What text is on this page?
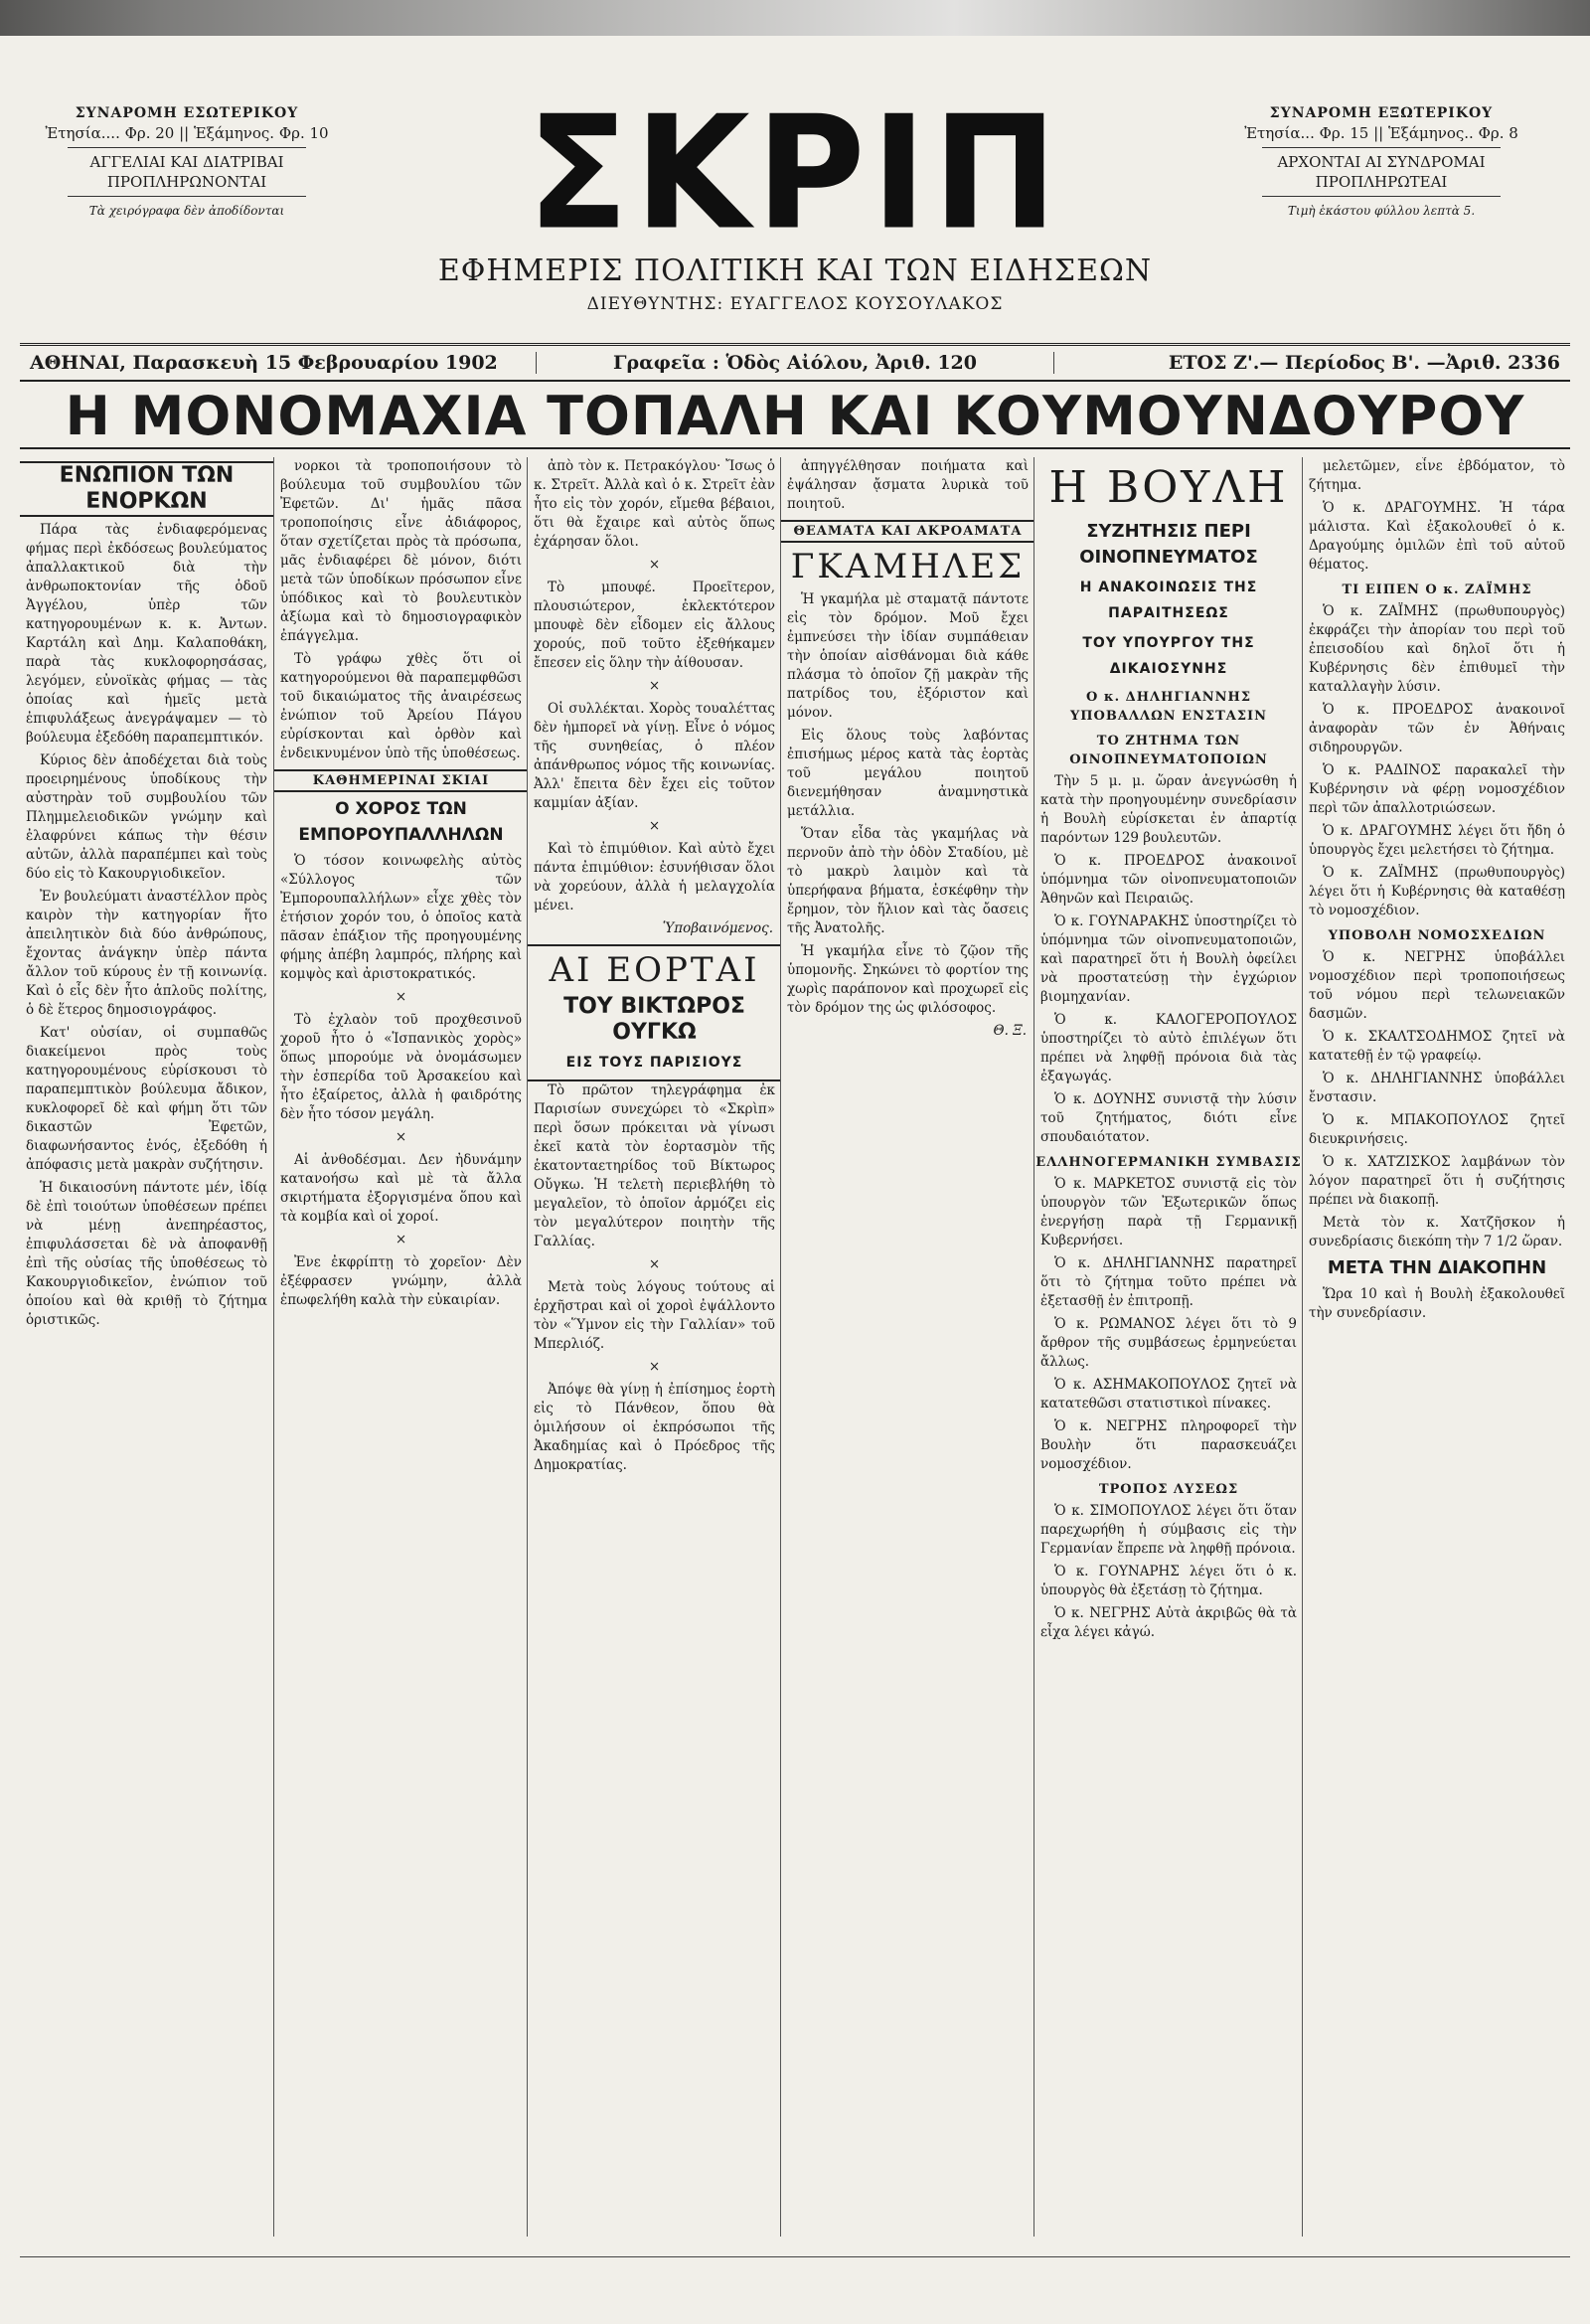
ΣΥΝΑΡΟΜΗ ΕΣΩΤΕΡΙΚΟΥ
Ἐτησία.... Φρ. 20 || Ἑξάμηνος. Φρ. 10
ΑΓΓΕΛΙΑΙ ΚΑΙ ΔΙΑΤΡΙΒΑΙ
ΠΡΟΠΛΗΡΩΝΟΝΤΑΙ
Τὰ χειρόγραφα δὲν ἀποδίδονται	ΣΚΡΙΠ
ΕΦΗΜΕΡΙΣ ΠΟΛΙΤΙΚΗ ΚΑΙ ΤΩΝ ΕΙΔΗΣΕΩΝ
ΔΙΕΥΘΥΝΤΗΣ: ΕΥΑΓΓΕΛΟΣ ΚΟΥΣΟΥΛΑΚΟΣ
ΣΥΝΑΡΟΜΗ ΕΞΩΤΕΡΙΚΟΥ
Ἐτησία... Φρ. 15 || Ἑξάμηνος.. Φρ. 8
ΑΡΧΟΝΤΑΙ ΑΙ ΣΥΝΔΡΟΜΑΙ
ΠΡΟΠΛΗΡΩΤΕΑΙ
Τιμὴ ἑκάστου φύλλου λεπτὰ 5.
ΑΘΗΝΑΙ, Παρασκευὴ 15 Φεβρουαρίου 1902	Γραφεῖα : Ὁδὸς Αἰόλου, Ἀριθ. 120	ΕΤΟΣ Ζ'.— Περίοδος Β'. —Ἀριθ. 2336
Η ΜΟΝΟΜΑΧΙΑ ΤΟΠΑΛΗ ΚΑΙ ΚΟΥΜΟΥΝΔΟΥΡΟΥ
ΕΝΩΠΙΟΝ ΤΩΝ ΕΝΟΡΚΩΝ

Πάρα τὰς ἐνδιαφερόμενας φήμας περὶ ἐκδόσεως βουλεύματος ἀπαλλακτικοῦ διὰ τὴν ἀνθρωποκτονίαν τῆς ὁδοῦ Ἀγγέλου, ὑπὲρ τῶν κατηγορουμένων κ. κ. Ἀντων. Καρτάλη καὶ Δημ. Καλαποθάκη, παρὰ τὰς κυκλοφορησάσας, λεγόμεν, εὐνοϊκὰς φήμας — τὰς ὁποίας καὶ ἡμεῖς μετὰ ἐπιφυλάξεως ἀνεγράψαμεν — τὸ βούλευμα ἐξεδόθη παραπεμπτικόν.

Κύριος δὲν ἀποδέχεται διὰ τοὺς προειρημένους ὑποδίκους τὴν αὐστηρὰν τοῦ συμβουλίου τῶν Πλημμελειοδικῶν γνώμην καὶ ἐλαφρύνει κάπως τὴν θέσιν αὐτῶν, ἀλλὰ παραπέμπει καὶ τοὺς δύο εἰς τὸ Κακουργιοδικεῖον.

Ἐν βουλεύματι ἀναστέλλον πρὸς καιρὸν τὴν κατηγορίαν ἥτο ἀπειλητικὸν διὰ δύο ἀνθρώπους, ἔχοντας ἀνάγκην ὑπὲρ πάντα ἄλλον τοῦ κύρους ἐν τῇ κοινωνίᾳ. Καὶ ὁ εἷς δὲν ἦτο ἁπλοῦς πολίτης, ὁ δὲ ἕτερος δημοσιογράφος.

Κατ' οὐσίαν, οἱ συμπαθῶς διακείμενοι πρὸς τοὺς κατηγορουμένους εὑρίσκουσι τὸ παραπεμπτικὸν βούλευμα ἄδικον, κυκλοφορεῖ δὲ καὶ φήμη ὅτι τῶν δικαστῶν Ἐφετῶν, διαφωνήσαντος ἑνός, ἐξεδόθη ἡ ἀπόφασις μετὰ μακρὰν συζήτησιν.

Ἡ δικαιοσύνη πάντοτε μέν, ἰδίᾳ δὲ ἐπὶ τοιούτων ὑποθέσεων πρέπει νὰ μένῃ ἀνεπηρέαστος, ἐπιφυλάσσεται δὲ νὰ ἀποφανθῇ ἐπὶ τῆς οὐσίας τῆς ὑποθέσεως τὸ Κακουργιοδικεῖον, ἐνώπιον τοῦ ὁποίου καὶ θὰ κριθῇ τὸ ζήτημα ὁριστικῶς.

νορκοι τὰ τροποποιήσουν τὸ βούλευμα τοῦ συμβουλίου τῶν Ἐφετῶν. Δι' ἡμᾶς πᾶσα τροποποίησις εἶνε ἀδιάφορος, ὅταν σχετίζεται πρὸς τὰ πρόσωπα, μᾶς ἐνδιαφέρει δὲ μόνον, διότι μετὰ τῶν ὑποδίκων πρόσωπον εἶνε ὑπόδικος καὶ τὸ βουλευτικὸν ἀξίωμα καὶ τὸ δημοσιογραφικὸν ἐπάγγελμα.

Τὸ γράφω χθὲς ὅτι οἱ κατηγορούμενοι θὰ παραπεμφθῶσι τοῦ δικαιώματος τῆς ἀναιρέσεως ἐνώπιον τοῦ Ἀρείου Πάγου εὐρίσκονται καὶ ὀρθὸν καὶ ἐνδεικνυμένον ὑπὸ τῆς ὑποθέσεως.

ΚΑΘΗΜΕΡΙΝΑΙ ΣΚΙΑΙ
Ο ΧΟΡΟΣ ΤΩΝ ΕΜΠΟΡΟΥΠΑΛΛΗΛΩΝ

Ὁ τόσον κοινωφελὴς αὐτὸς «Σύλλογος τῶν Ἐμπορουπαλλήλων» εἶχε χθὲς τὸν ἐτήσιον χορόν του, ὁ ὁποῖος κατὰ πᾶσαν ἐπάξιον τῆς προηγουμένης φήμης ἀπέβη λαμπρός, πλήρης καὶ κομψὸς καὶ ἀριστοκρατικός.

×

Τὸ ἐχλαὸν τοῦ προχθεσινοῦ χοροῦ ἦτο ὁ «Ἱσπανικὸς χορὸς» ὅπως μπορούμε νὰ ὀνομάσωμεν τὴν ἐσπερίδα τοῦ Ἀρσακείου καὶ ἦτο ἐξαίρετος, ἀλλὰ ἡ φαιδρότης δὲν ἦτο τόσον μεγάλη.

×

Αἱ ἀνθοδέσμαι. Δεν ἠδυνάμην κατανοήσω καὶ μὲ τὰ ἄλλα σκιρτήματα ἐξοργισμένα ὅπου καὶ τὰ κομβία καὶ οἱ χοροί.

×

Ἐνε ἐκφρίπτῃ τὸ χορεῖον· Δὲν ἐξέφρασεν γνώμην, ἀλλὰ ἐπωφελήθη καλὰ τὴν εὐκαιρίαν.

ἀπὸ τὸν κ. Πετρακόγλου· Ἴσως ὁ κ. Στρεῖτ. Ἀλλὰ καὶ ὁ κ. Στρεῖτ ἐὰν ἦτο εἰς τὸν χορόν, εἴμεθα βέβαιοι, ὅτι θὰ ἔχαιρε καὶ αὐτὸς ὅπως ἐχάρησαν ὅλοι.

×

Τὸ μπουφέ. Προεῖτερον, πλουσιώτερον, ἐκλεκτότερον μπουφὲ δὲν εἶδομεν εἰς ἄλλους χορούς, ποῦ τοῦτο ἐξεθήκαμεν ἔπεσεν εἰς ὅλην τὴν ἀίθουσαν.

×

Οἱ συλλέκται. Χορὸς τουαλέττας δὲν ἠμπορεῖ νὰ γίνῃ. Εἶνε ὁ νόμος τῆς συνηθείας, ὁ πλέον ἀπάνθρωπος νόμος τῆς κοινωνίας. Ἀλλ' ἔπειτα δὲν ἔχει εἰς τοῦτον καμμίαν ἀξίαν.

×

Καὶ τὸ ἐπιμύθιον. Καὶ αὐτὸ ἔχει πάντα ἐπιμύθιον: ἐσυνήθισαν ὅλοι νὰ χορεύουν, ἀλλὰ ἡ μελαγχολία μένει.

Ὑποβαινόμενος.
ΑΙ ΕΟΡΤΑΙ
ΤΟΥ ΒΙΚΤΩΡΟΣ ΟΥΓΚΩ
ΕΙΣ ΤΟΥΣ ΠΑΡΙΣΙΟΥΣ

Τὸ πρῶτον τηλεγράφημα ἐκ Παρισίων συνεχώρει τὸ «Σκρὶπ» περὶ ὅσων πρόκειται νὰ γίνωσι ἐκεῖ κατὰ τὸν ἑορτασμὸν τῆς ἑκατονταετηρίδος τοῦ Βίκτωρος Οὔγκω. Ἡ τελετὴ περιεβλήθη τὸ μεγαλεῖον, τὸ ὁποῖον ἁρμόζει εἰς τὸν μεγαλύτερον ποιητὴν τῆς Γαλλίας.

×

Μετὰ τοὺς λόγους τούτους αἱ ἑρχῆστραι καὶ οἱ χοροὶ ἐψάλλοντο τὸν «Ὕμνον εἰς τὴν Γαλλίαν» τοῦ Μπερλιόζ.

×

Ἀπόψε θὰ γίνῃ ἡ ἐπίσημος ἑορτὴ εἰς τὸ Πάνθεον, ὅπου θὰ ὁμιλήσουν οἱ ἐκπρόσωποι τῆς Ἀκαδημίας καὶ ὁ Πρόεδρος τῆς Δημοκρατίας.

ἀπηγγέλθησαν ποιήματα καὶ ἐψάλησαν ᾄσματα λυρικὰ τοῦ ποιητοῦ.

ΘΕΑΜΑΤΑ ΚΑΙ ΑΚΡΟΑΜΑΤΑ
ΓΚΑΜΗΛΕΣ

Ἡ γκαμήλα μὲ σταματᾷ πάντοτε εἰς τὸν δρόμον. Μοῦ ἔχει ἐμπνεύσει τὴν ἰδίαν συμπάθειαν τὴν ὁποίαν αἰσθάνομαι διὰ κάθε πλάσμα τὸ ὁποῖον ζῇ μακρὰν τῆς πατρίδος του, ἐξόριστον καὶ μόνον.

Εἰς ὅλους τοὺς λαβόντας ἐπισήμως μέρος κατὰ τὰς ἑορτὰς τοῦ μεγάλου ποιητοῦ διενεμήθησαν ἀναμνηστικὰ μετάλλια.

Ὅταν εἶδα τὰς γκαμήλας νὰ περνοῦν ἀπὸ τὴν ὁδὸν Σταδίου, μὲ τὸ μακρὺ λαιμὸν καὶ τὰ ὑπερήφανα βήματα, ἐσκέφθην τὴν ἔρημον, τὸν ἥλιον καὶ τὰς ὄασεις τῆς Ἀνατολῆς.

Ἡ γκαμήλα εἶνε τὸ ζῷον τῆς ὑπομονῆς. Σηκώνει τὸ φορτίον της χωρὶς παράπονον καὶ προχωρεῖ εἰς τὸν δρόμον της ὡς φιλόσοφος.

Θ. Ξ.
Η ΒΟΥΛΗ
ΣΥΖΗΤΗΣΙΣ ΠΕΡΙ ΟΙΝΟΠΝΕΥΜΑΤΟΣ
Η ΑΝΑΚΟΙΝΩΣΙΣ ΤΗΣ ΠΑΡΑΙΤΗΣΕΩΣ
ΤΟΥ ΥΠΟΥΡΓΟΥ ΤΗΣ ΔΙΚΑΙΟΣΥΝΗΣ
Ο κ. ΔΗΛΗΓΙΑΝΝΗΣ ΥΠΟΒΑΛΛΩΝ ΕΝΣΤΑΣΙΝ
ΤΟ ΖΗΤΗΜΑ ΤΩΝ ΟΙΝΟΠΝΕΥΜΑΤΟΠΟΙΩΝ

Τὴν 5 μ. μ. ὥραν ἀνεγνώσθη ἡ κατὰ τὴν προηγουμένην συνεδρίασιν ἡ Βουλὴ εὑρίσκεται ἐν ἀπαρτίᾳ παρόντων 129 βουλευτῶν.

Ὁ κ. ΠΡΟΕΔΡΟΣ ἀνακοινοῖ ὑπόμνημα τῶν οἰνοπνευματοποιῶν Ἀθηνῶν καὶ Πειραιῶς.

Ὁ κ. ΓΟΥΝΑΡΑΚΗΣ ὑποστηρίζει τὸ ὑπόμνημα τῶν οἰνοπνευματοποιῶν, καὶ παρατηρεῖ ὅτι ἡ Βουλὴ ὀφείλει νὰ προστατεύσῃ τὴν ἐγχώριον βιομηχανίαν.

Ὁ κ. ΚΑΛΟΓΕΡΟΠΟΥΛΟΣ ὑποστηρίζει τὸ αὐτὸ ἐπιλέγων ὅτι πρέπει νὰ ληφθῇ πρόνοια διὰ τὰς ἐξαγωγάς.

Ὁ κ. ΔΟΥΝΗΣ συνιστᾷ τὴν λύσιν τοῦ ζητήματος, διότι εἶνε σπουδαιότατον.

ΕΛΛΗΝΟΓΕΡΜΑΝΙΚΗ ΣΥΜΒΑΣΙΣ

Ὁ κ. ΜΑΡΚΕΤΟΣ συνιστᾷ εἰς τὸν ὑπουργὸν τῶν Ἐξωτερικῶν ὅπως ἐνεργήσῃ παρὰ τῇ Γερμανικῇ Κυβερνήσει.

Ὁ κ. ΔΗΛΗΓΙΑΝΝΗΣ παρατηρεῖ ὅτι τὸ ζήτημα τοῦτο πρέπει νὰ ἐξετασθῇ ἐν ἐπιτροπῇ.

Ὁ κ. ΡΩΜΑΝΟΣ λέγει ὅτι τὸ 9 ἄρθρον τῆς συμβάσεως ἐρμηνεύεται ἄλλως.

Ὁ κ. ΑΣΗΜΑΚΟΠΟΥΛΟΣ ζητεῖ νὰ κατατεθῶσι στατιστικοὶ πίνακες.

Ὁ κ. ΝΕΓΡΗΣ πληροφορεῖ τὴν Βουλὴν ὅτι παρασκευάζει νομοσχέδιον.

ΤΡΟΠΟΣ ΛΥΣΕΩΣ

Ὁ κ. ΣΙΜΟΠΟΥΛΟΣ λέγει ὅτι ὅταν παρεχωρήθη ἡ σύμβασις εἰς τὴν Γερμανίαν ἔπρεπε νὰ ληφθῇ πρόνοια.

Ὁ κ. ΓΟΥΝΑΡΗΣ λέγει ὅτι ὁ κ. ὑπουργὸς θὰ ἐξετάσῃ τὸ ζήτημα.

Ὁ κ. ΝΕΓΡΗΣ Αὐτὰ ἀκριβῶς θὰ τὰ εἶχα λέγει κἀγώ.

μελετῶμεν, εἶνε ἐβδόματον, τὸ ζήτημα.

Ὁ κ. ΔΡΑΓΟΥΜΗΣ. Ἡ τάρα μάλιστα. Καὶ ἐξακολουθεῖ ὁ κ. Δραγούμης ὁμιλῶν ἐπὶ τοῦ αὐτοῦ θέματος.

ΤΙ ΕΙΠΕΝ Ο κ. ΖΑΪΜΗΣ

Ὁ κ. ΖΑΪΜΗΣ (πρωθυπουργὸς) ἐκφράζει τὴν ἀπορίαν του περὶ τοῦ ἐπεισοδίου καὶ δηλοῖ ὅτι ἡ Κυβέρνησις δὲν ἐπιθυμεῖ τὴν καταλλαγὴν λύσιν.

Ὁ κ. ΠΡΟΕΔΡΟΣ ἀνακοινοῖ ἀναφορὰν τῶν ἐν Ἀθήναις σιδηρουργῶν.

Ὁ κ. ΡΑΔΙΝΟΣ παρακαλεῖ τὴν Κυβέρνησιν νὰ φέρῃ νομοσχέδιον περὶ τῶν ἀπαλλοτριώσεων.

Ὁ κ. ΔΡΑΓΟΥΜΗΣ λέγει ὅτι ἤδη ὁ ὑπουργὸς ἔχει μελετήσει τὸ ζήτημα.

Ὁ κ. ΖΑΪΜΗΣ (πρωθυπουργὸς) λέγει ὅτι ἡ Κυβέρνησις θὰ καταθέσῃ τὸ νομοσχέδιον.

ΥΠΟΒΟΛΗ ΝΟΜΟΣΧΕΔΙΩΝ

Ὁ κ. ΝΕΓΡΗΣ ὑποβάλλει νομοσχέδιον περὶ τροποποιήσεως τοῦ νόμου περὶ τελωνειακῶν δασμῶν.

Ὁ κ. ΣΚΑΛΤΣΟΔΗΜΟΣ ζητεῖ νὰ κατατεθῇ ἐν τῷ γραφείῳ.

Ὁ κ. ΔΗΛΗΓΙΑΝΝΗΣ ὑποβάλλει ἔνστασιν.

Ὁ κ. ΜΠΑΚΟΠΟΥΛΟΣ ζητεῖ διευκρινήσεις.

Ὁ κ. ΧΑΤΖΙΣΚΟΣ λαμβάνων τὸν λόγον παρατηρεῖ ὅτι ἡ συζήτησις πρέπει νὰ διακοπῇ.

Μετὰ τὸν κ. Χατζῆσκον ἡ συνεδρίασις διεκόπη τὴν 7 1/2 ὥραν.

ΜΕΤΑ ΤΗΝ ΔΙΑΚΟΠΗΝ

Ὥρα 10 καὶ ἡ Βουλὴ ἐξακολουθεῖ τὴν συνεδρίασιν.
